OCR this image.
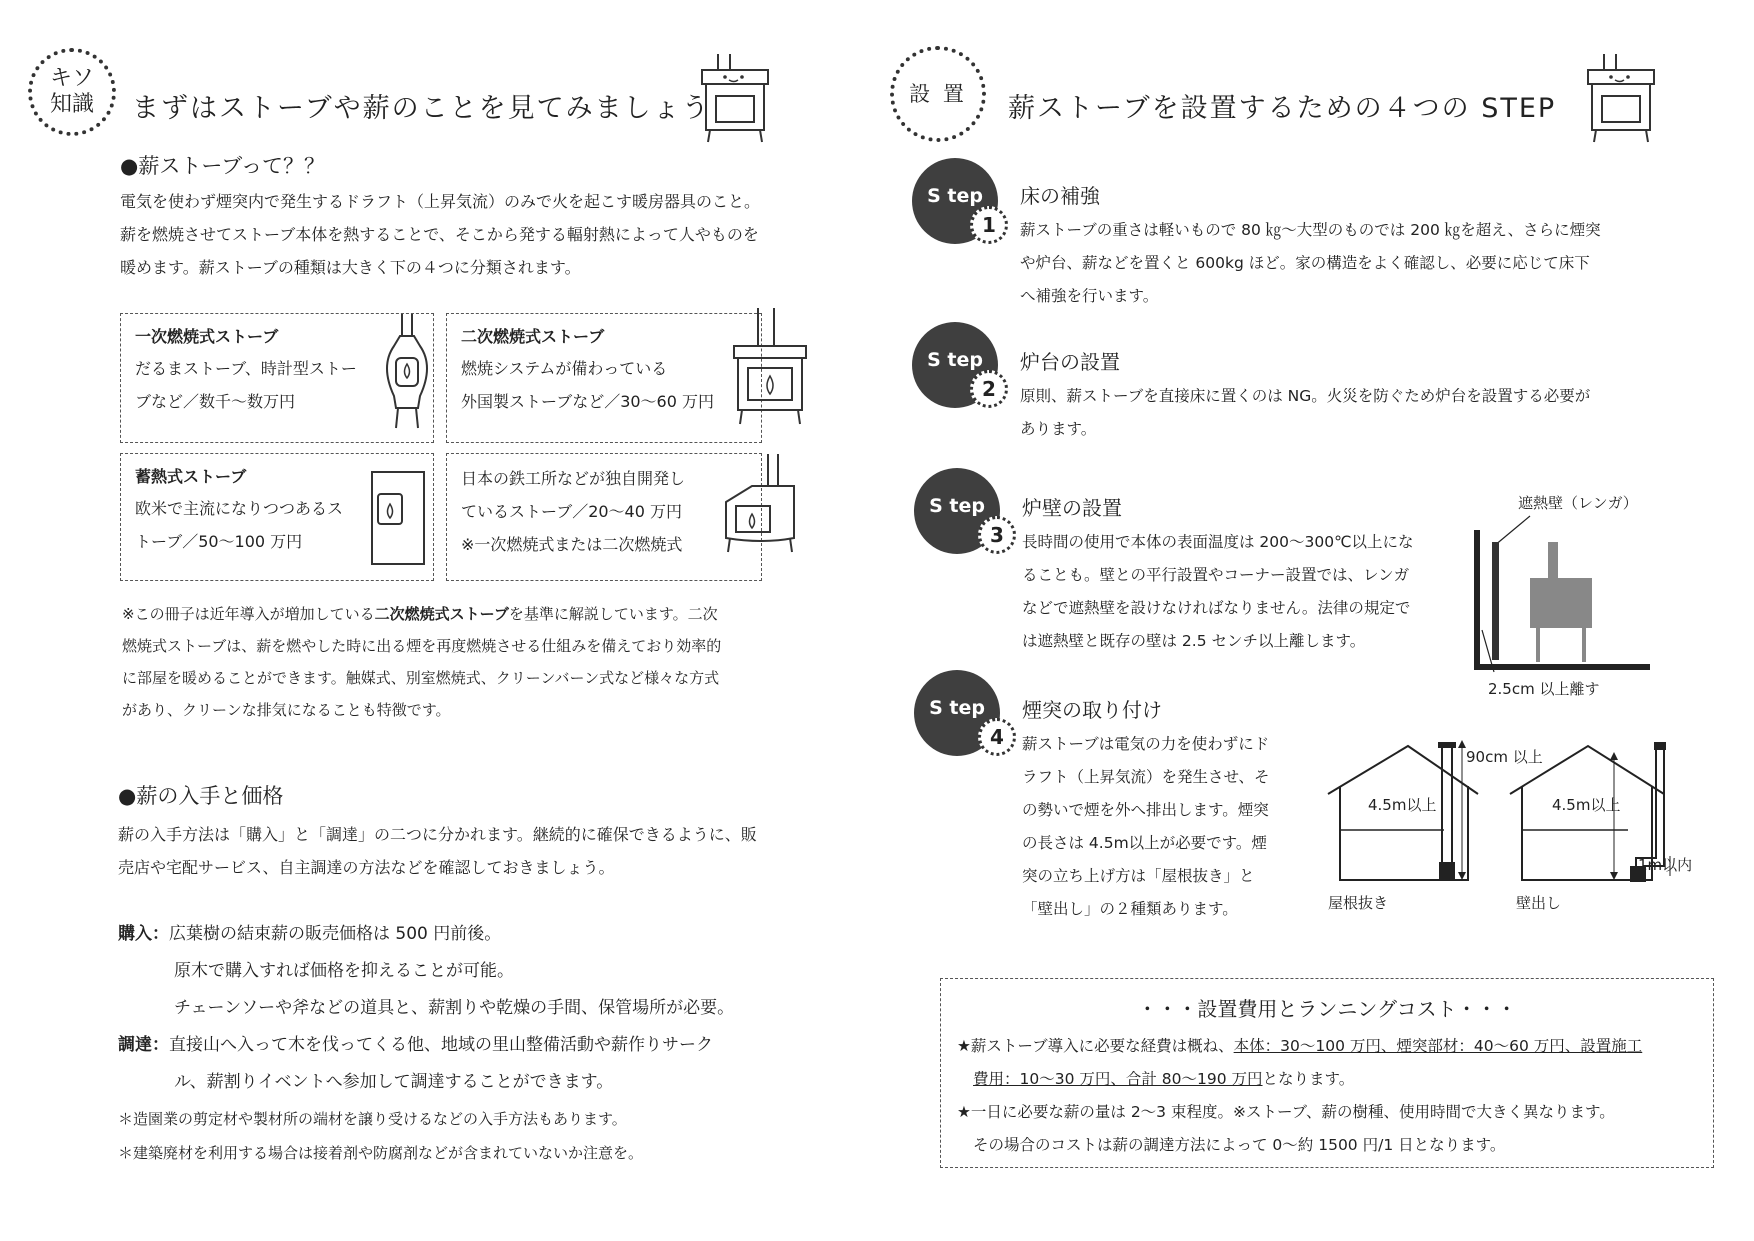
キソ
知識 まずはストーブや薪のことを見てみましょう
●薪ストーブって？？
電気を使わず煙突内で発生するドラフト（上昇気流）のみで火を起こす暖房器具のこと。
薪を燃焼させてストーブ本体を熱することで、そこから発する輻射熱によって人やものを
暖めます。薪ストーブの種類は大きく下の４つに分類されます。
一次燃焼式ストーブ
だるまストーブ、時計型ストー
ブなど／数千～数万円
二次燃焼式ストーブ
燃焼システムが備わっている
外国製ストーブなど／30～60 万円
蓄熱式ストーブ
欧米で主流になりつつあるス
トーブ／50～100 万円
日本の鉄工所などが独自開発し
ているストーブ／20～40 万円
※一次燃焼式または二次燃焼式
※この冊子は近年導入が増加している二次燃焼式ストーブを基準に解説しています。二次
燃焼式ストーブは、薪を燃やした時に出る煙を再度燃焼させる仕組みを備えており効率的
に部屋を暖めることができます。触媒式、別室燃焼式、クリーンバーン式など様々な方式
があり、クリーンな排気になることも特徴です。
●薪の入手と価格
薪の入手方法は「購入」と「調達」の二つに分かれます。継続的に確保できるように、販
売店や宅配サービス、自主調達の方法などを確認しておきましょう。
購入：広葉樹の結束薪の販売価格は 500 円前後。
原木で購入すれば価格を抑えることが可能。
チェーンソーや斧などの道具と、薪割りや乾燥の手間、保管場所が必要。
調達：直接山へ入って木を伐ってくる他、地域の里山整備活動や薪作りサーク
ル、薪割りイベントへ参加して調達することができます。
＊造園業の剪定材や製材所の端材を譲り受けるなどの入手方法もあります。
＊建築廃材を利用する場合は接着剤や防腐剤などが含まれていないか注意を。
設 置 薪ストーブを設置するための４つの STEP
S tep
1
床の補強
薪ストーブの重さは軽いもので 80 ㎏～大型のものでは 200 ㎏を超え、さらに煙突
や炉台、薪などを置くと 600kg ほど。家の構造をよく確認し、必要に応じて床下
へ補強を行います。
S tep
2
炉台の設置
原則、薪ストーブを直接床に置くのは NG。火災を防ぐため炉台を設置する必要が
あります。
S tep
3
炉壁の設置
長時間の使用で本体の表面温度は 200～300℃以上にな
ることも。壁との平行設置やコーナー設置では、レンガ
などで遮熱壁を設けなければなりません。法律の規定で
は遮熱壁と既存の壁は 2.5 センチ以上離します。
遮熱壁（レンガ）
2.5cm 以上離す
S tep
4
煙突の取り付け
薪ストーブは電気の力を使わずにド
ラフト（上昇気流）を発生させ、そ
の勢いで煙を外へ排出します。煙突
の長さは 4.5m以上が必要です。煙
突の立ち上げ方は「屋根抜き」と
「壁出し」の２種類あります。
90cm 以上
4.5m以上
屋根抜き
4.5m以上
1m以内
壁出し
・・・設置費用とランニングコスト・・・
★薪ストーブ導入に必要な経費は概ね、本体：30～100 万円、煙突部材：40～60 万円、設置施工
費用：10～30 万円、合計 80～190 万円となります。
★一日に必要な薪の量は 2～3 束程度。※ストーブ、薪の樹種、使用時間で大きく異なります。
その場合のコストは薪の調達方法によって 0～約 1500 円/1 日となります。
